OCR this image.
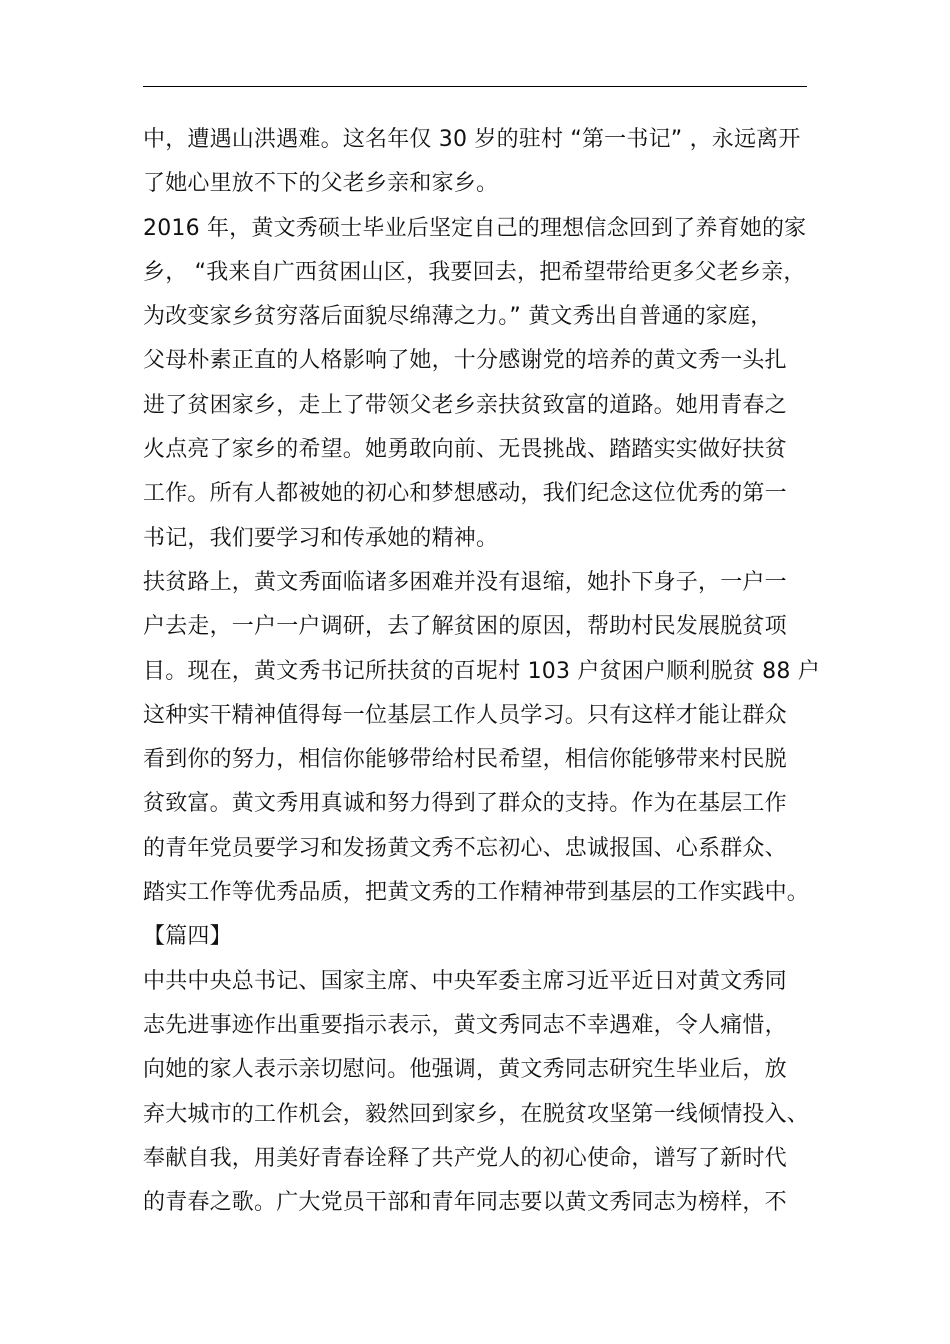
中，遭遇山洪遇难。这名年仅 30 岁的驻村 “第一书记” ，永远离开
了她心里放不下的父老乡亲和家乡。
2016 年，黄文秀硕士毕业后坚定自己的理想信念回到了养育她的家
乡， “我来自广西贫困山区，我要回去，把希望带给更多父老乡亲，
为改变家乡贫穷落后面貌尽绵薄之力。” 黄文秀出自普通的家庭，
父母朴素正直的人格影响了她，十分感谢党的培养的黄文秀一头扎
进了贫困家乡，走上了带领父老乡亲扶贫致富的道路。她用青春之
火点亮了家乡的希望。她勇敢向前、无畏挑战、踏踏实实做好扶贫
工作。所有人都被她的初心和梦想感动，我们纪念这位优秀的第一
书记，我们要学习和传承她的精神。
扶贫路上，黄文秀面临诸多困难并没有退缩，她扑下身子，一户一
户去走，一户一户调研，去了解贫困的原因，帮助村民发展脱贫项
目。现在，黄文秀书记所扶贫的百坭村 103 户贫困户顺利脱贫 88 户
这种实干精神值得每一位基层工作人员学习。只有这样才能让群众
看到你的努力，相信你能够带给村民希望，相信你能够带来村民脱
贫致富。黄文秀用真诚和努力得到了群众的支持。作为在基层工作
的青年党员要学习和发扬黄文秀不忘初心、忠诚报国、心系群众、
踏实工作等优秀品质，把黄文秀的工作精神带到基层的工作实践中。
【篇四】
中共中央总书记、国家主席、中央军委主席习近平近日对黄文秀同
志先进事迹作出重要指示表示，黄文秀同志不幸遇难，令人痛惜，
向她的家人表示亲切慰问。他强调，黄文秀同志研究生毕业后，放
弃大城市的工作机会，毅然回到家乡，在脱贫攻坚第一线倾情投入、
奉献自我，用美好青春诠释了共产党人的初心使命，谱写了新时代
的青春之歌。广大党员干部和青年同志要以黄文秀同志为榜样，不
